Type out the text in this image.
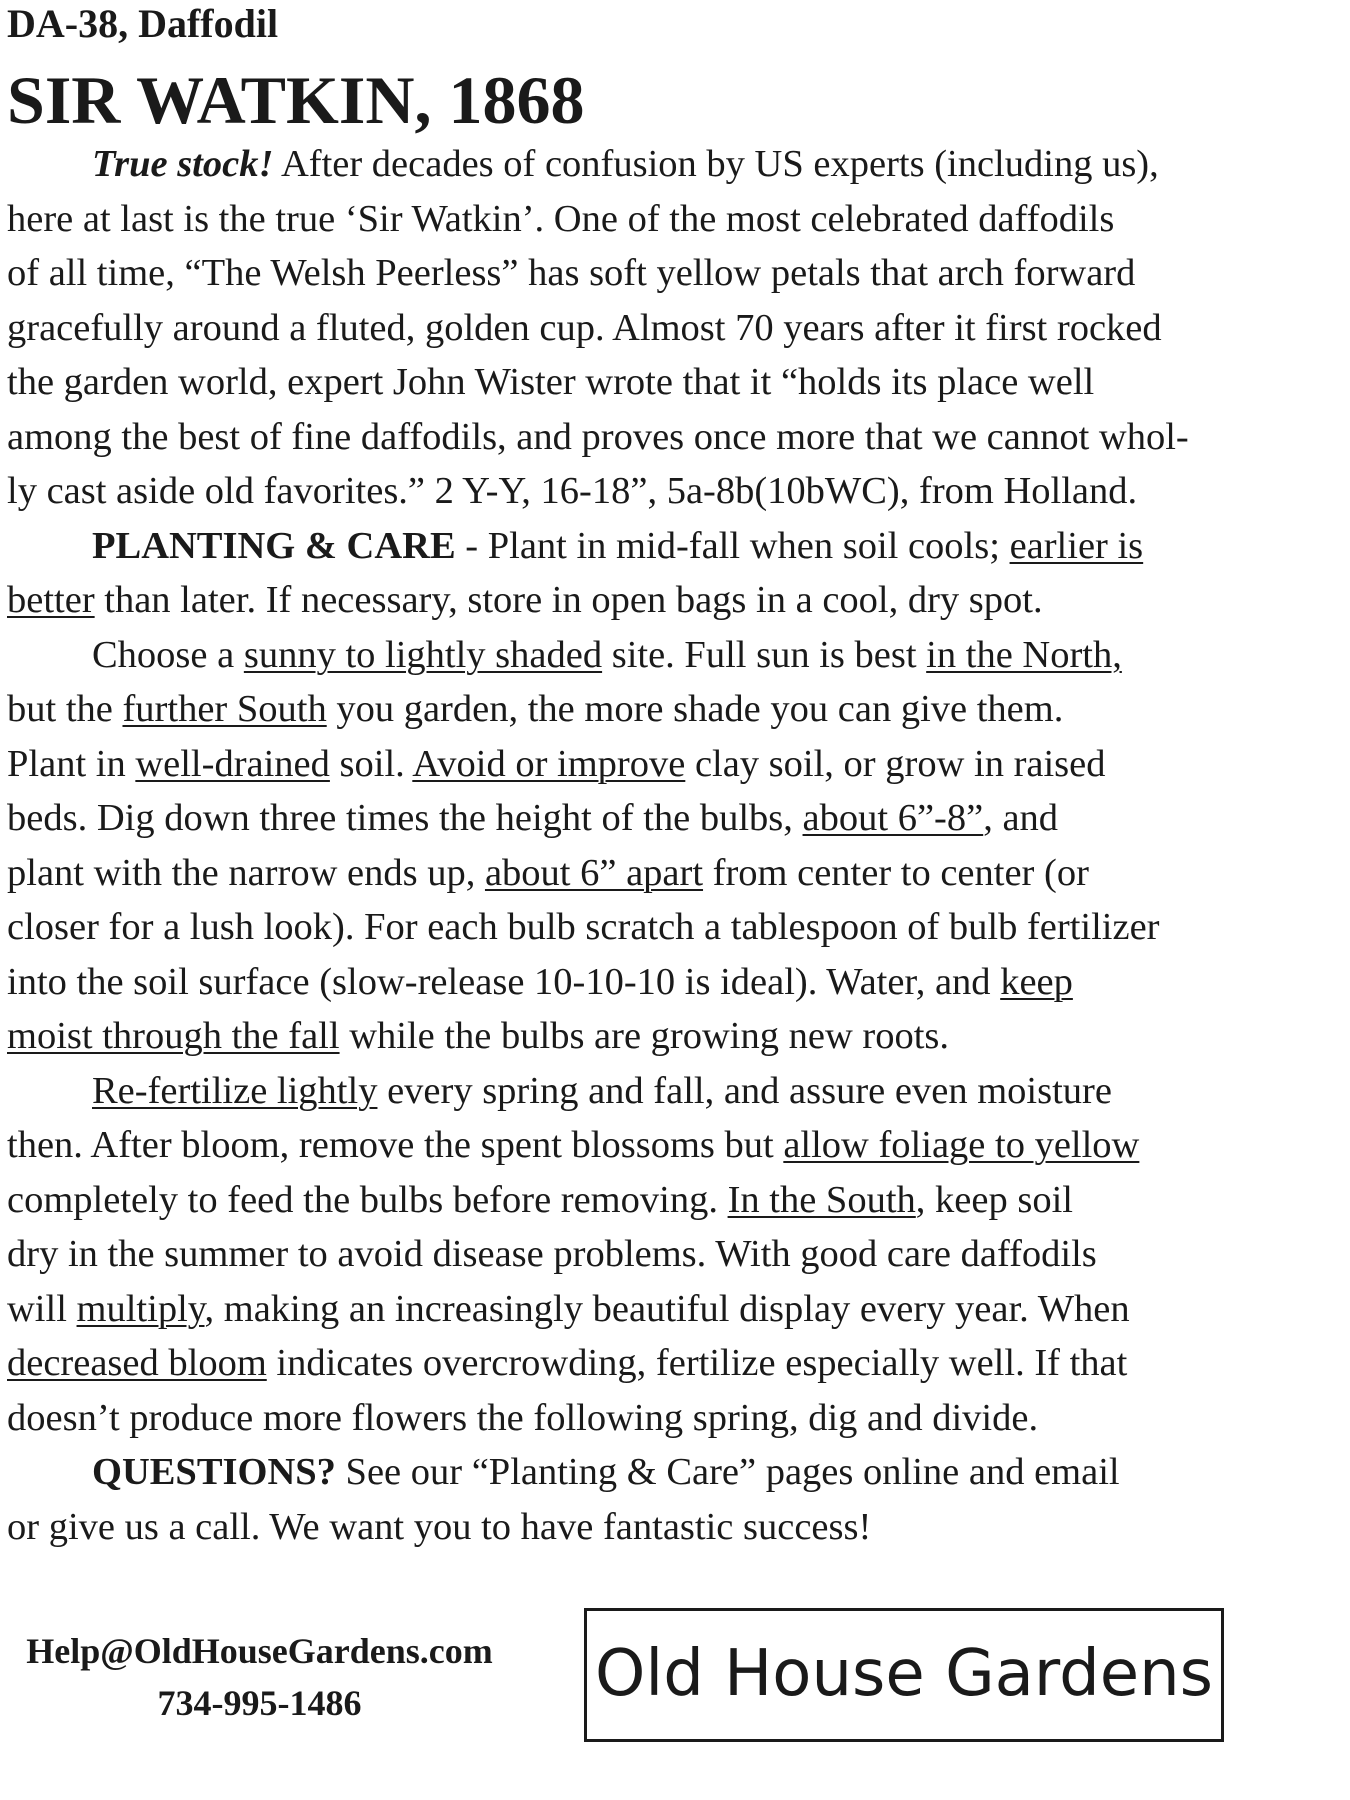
DA-38, Daffodil
SIR WATKIN, 1868
True stock! After decades of confusion by US experts (including us),
here at last is the true ‘Sir Watkin’. One of the most celebrated daffodils
of all time, “The Welsh Peerless” has soft yellow petals that arch forward
gracefully around a fluted, golden cup. Almost 70 years after it first rocked
the garden world, expert John Wister wrote that it “holds its place well
among the best of fine daffodils, and proves once more that we cannot whol-
ly cast aside old favorites.” 2 Y-Y, 16-18”, 5a-8b(10bWC), from Holland.
PLANTING & CARE - Plant in mid-fall when soil cools; earlier is
better than later. If necessary, store in open bags in a cool, dry spot.
Choose a sunny to lightly shaded site. Full sun is best in the North,
but the further South you garden, the more shade you can give them.
Plant in well-drained soil. Avoid or improve clay soil, or grow in raised
beds. Dig down three times the height of the bulbs, about 6”-8”, and
plant with the narrow ends up, about 6” apart from center to center (or
closer for a lush look). For each bulb scratch a tablespoon of bulb fertilizer
into the soil surface (slow-release 10-10-10 is ideal). Water, and keep
moist through the fall while the bulbs are growing new roots.
Re-fertilize lightly every spring and fall, and assure even moisture
then. After bloom, remove the spent blossoms but allow foliage to yellow
completely to feed the bulbs before removing. In the South, keep soil
dry in the summer to avoid disease problems. With good care daffodils
will multiply, making an increasingly beautiful display every year. When
decreased bloom indicates overcrowding, fertilize especially well. If that
doesn’t produce more flowers the following spring, dig and divide.
QUESTIONS? See our “Planting & Care” pages online and email
or give us a call. We want you to have fantastic success!
Help@OldHouseGardens.com
734-995-1486	Old House Gardens
